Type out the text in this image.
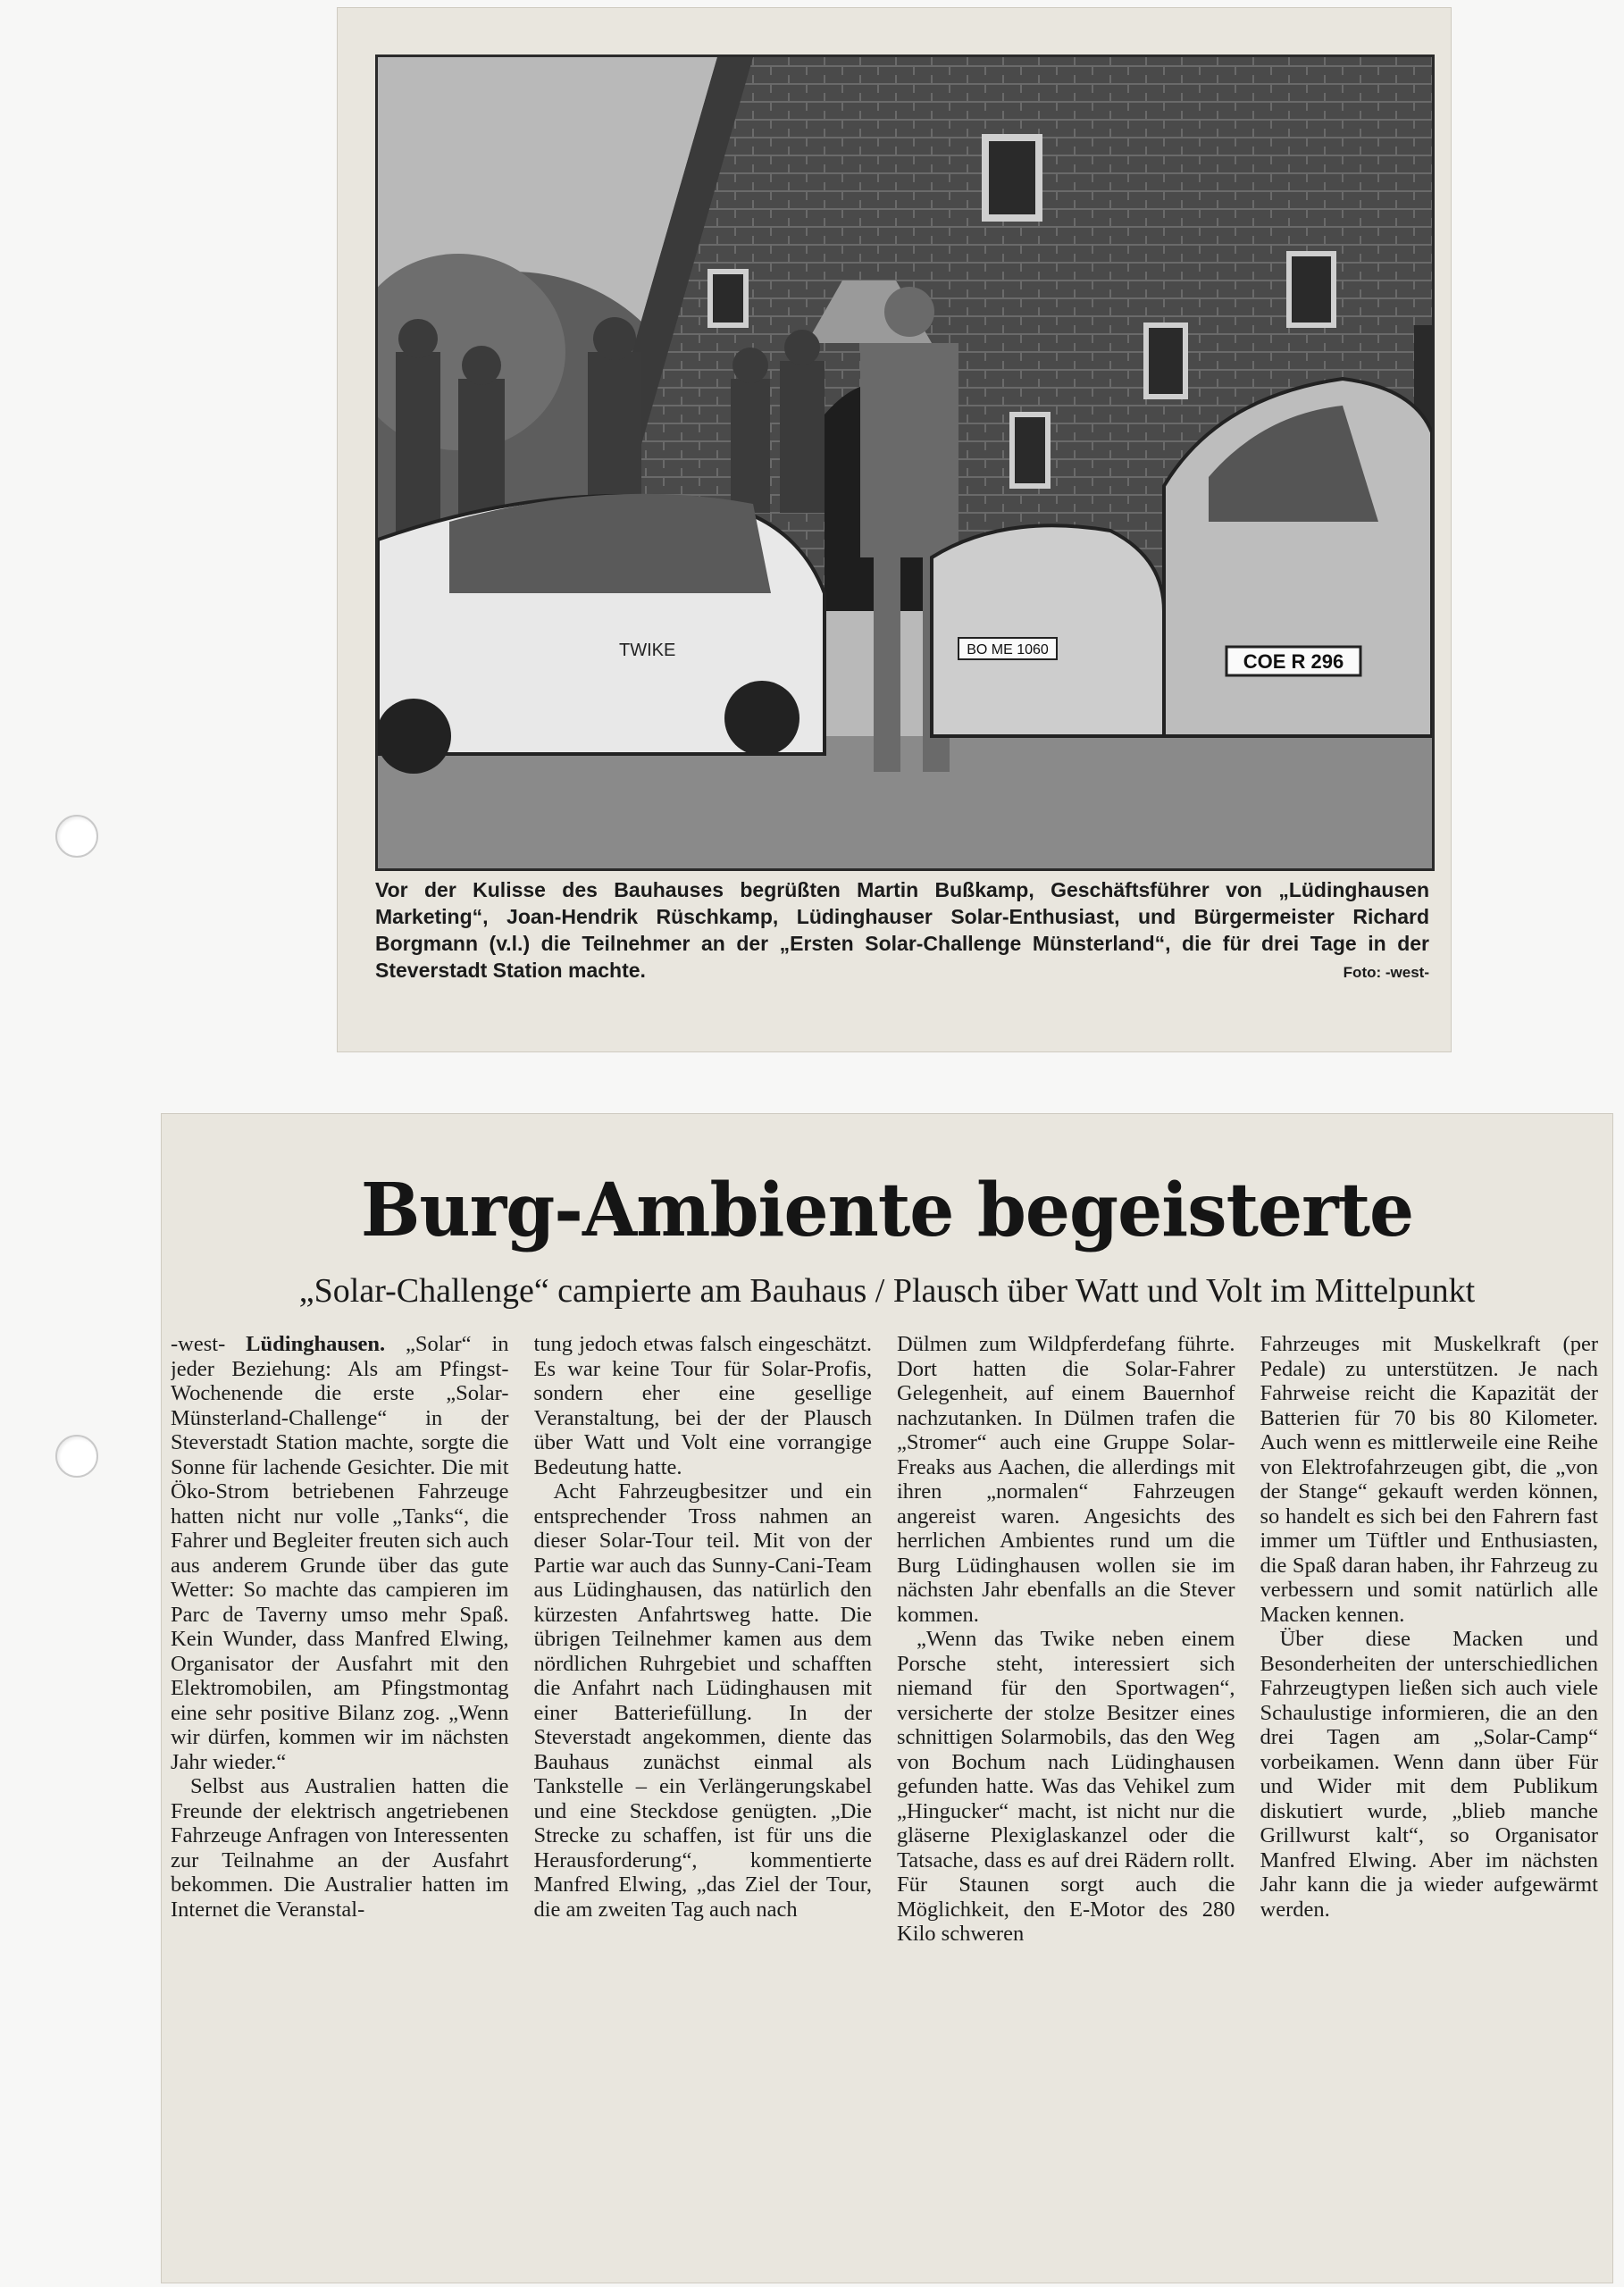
TWIKE	BO ME 1060
COE R 296
Vor der Kulisse des Bauhauses begrüßten Martin Bußkamp, Geschäftsführer von „Lüdinghausen Marketing“, Joan-Hendrik Rüschkamp, Lüdinghauser Solar-Enthusiast, und Bürgermeister Richard Borgmann (v.l.) die Teilnehmer an der „Ersten Solar-Challenge Münsterland“, die für drei Tage in der Steverstadt Station machte.	Foto: -west-
Burg-Ambiente begeisterte
„Solar-Challenge“ campierte am Bauhaus / Plausch über Watt und Volt im Mittelpunkt

-west- Lüdinghausen. „Solar“ in jeder Beziehung: Als am Pfingst-Wochenende die erste „Solar-Münsterland-Challenge“ in der Steverstadt Station machte, sorgte die Sonne für lachende Gesichter. Die mit Öko-Strom betriebenen Fahrzeuge hatten nicht nur volle „Tanks“, die Fahrer und Begleiter freuten sich auch aus anderem Grunde über das gute Wetter: So machte das campieren im Parc de Taverny umso mehr Spaß. Kein Wunder, dass Manfred Elwing, Organisator der Ausfahrt mit den Elektromobilen, am Pfingstmontag eine sehr positive Bilanz zog. „Wenn wir dürfen, kommen wir im nächsten Jahr wieder.“

Selbst aus Australien hatten die Freunde der elektrisch angetriebenen Fahrzeuge Anfragen von Interessenten zur Teilnahme an der Ausfahrt bekommen. Die Australier hatten im Internet die Veranstal-

tung jedoch etwas falsch eingeschätzt. Es war keine Tour für Solar-Profis, sondern eher eine gesellige Veranstaltung, bei der der Plausch über Watt und Volt eine vorrangige Bedeutung hatte.

Acht Fahrzeugbesitzer und ein entsprechender Tross nahmen an dieser Solar-Tour teil. Mit von der Partie war auch das Sunny-Cani-Team aus Lüdinghausen, das natürlich den kürzesten Anfahrtsweg hatte. Die übrigen Teilnehmer kamen aus dem nördlichen Ruhrgebiet und schafften die Anfahrt nach Lüdinghausen mit einer Batteriefüllung. In der Steverstadt angekommen, diente das Bauhaus zunächst einmal als Tankstelle – ein Verlängerungskabel und eine Steckdose genügten. „Die Strecke zu schaffen, ist für uns die Herausforderung“, kommentierte Manfred Elwing, „das Ziel der Tour, die am zweiten Tag auch nach

Dülmen zum Wildpferdefang führte. Dort hatten die Solar-Fahrer Gelegenheit, auf einem Bauernhof nachzutanken. In Dülmen trafen die „Stromer“ auch eine Gruppe Solar-Freaks aus Aachen, die allerdings mit ihren „normalen“ Fahrzeugen angereist waren. Angesichts des herrlichen Ambientes rund um die Burg Lüdinghausen wollen sie im nächsten Jahr ebenfalls an die Stever kommen.

„Wenn das Twike neben einem Porsche steht, interessiert sich niemand für den Sportwagen“, versicherte der stolze Besitzer eines schnittigen Solarmobils, das den Weg von Bochum nach Lüdinghausen gefunden hatte. Was das Vehikel zum „Hingucker“ macht, ist nicht nur die gläserne Plexiglaskanzel oder die Tatsache, dass es auf drei Rädern rollt. Für Staunen sorgt auch die Möglichkeit, den E-Motor des 280 Kilo schweren

Fahrzeuges mit Muskelkraft (per Pedale) zu unterstützen. Je nach Fahrweise reicht die Kapazität der Batterien für 70 bis 80 Kilometer. Auch wenn es mittlerweile eine Reihe von Elektrofahrzeugen gibt, die „von der Stange“ gekauft werden können, so handelt es sich bei den Fahrern fast immer um Tüftler und Enthusiasten, die Spaß daran haben, ihr Fahrzeug zu verbessern und somit natürlich alle Macken kennen.

Über diese Macken und Besonderheiten der unterschiedlichen Fahrzeugtypen ließen sich auch viele Schaulustige informieren, die an den drei Tagen am „Solar-Camp“ vorbeikamen. Wenn dann über Für und Wider mit dem Publikum diskutiert wurde, „blieb manche Grillwurst kalt“, so Organisator Manfred Elwing. Aber im nächsten Jahr kann die ja wieder aufgewärmt werden.
